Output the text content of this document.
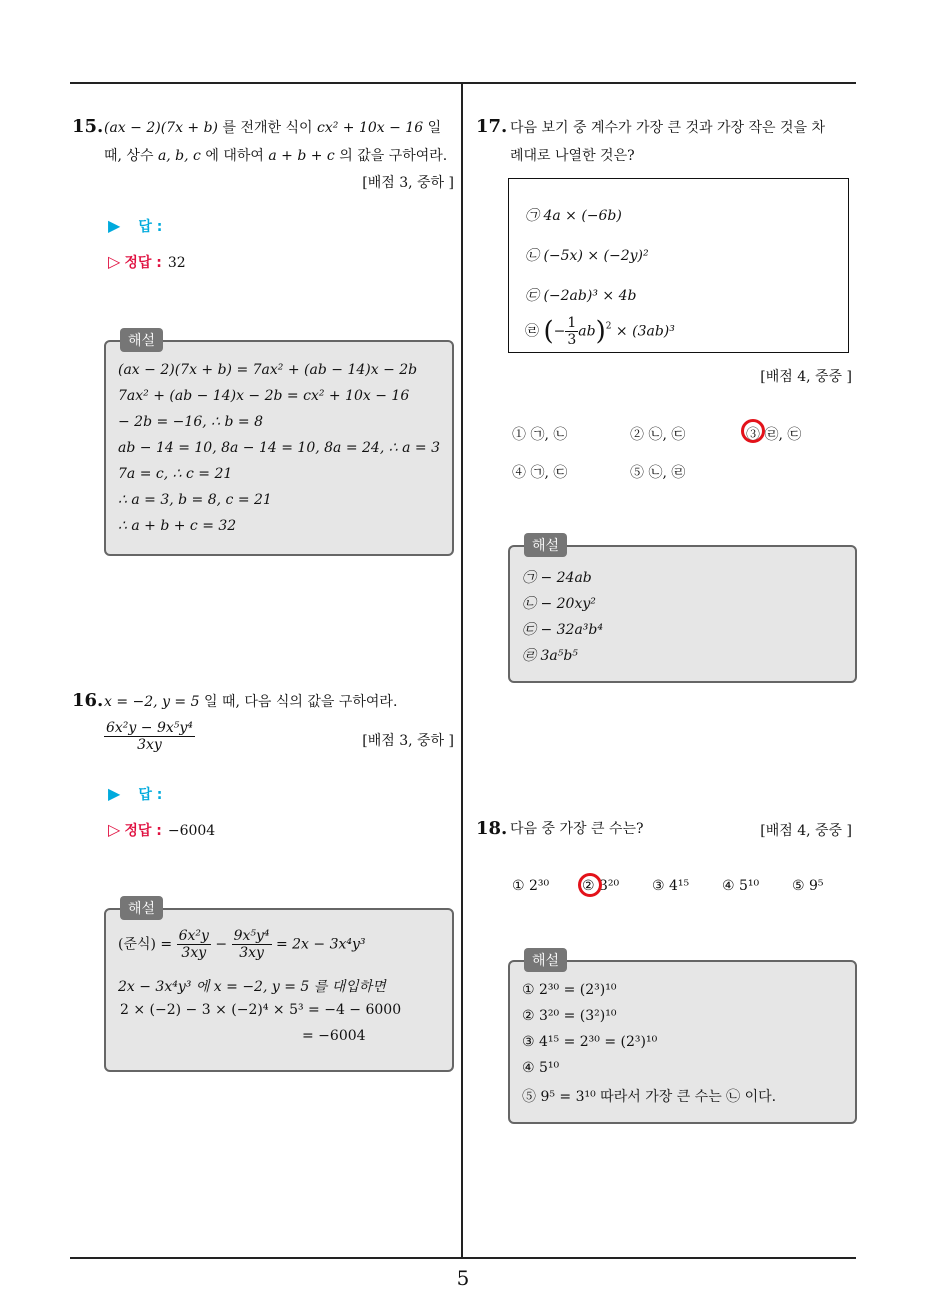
5
15. (ax − 2)(7x + b) 를 전개한 식이 cx² + 10x − 16 일
때, 상수 a, b, c 에 대하여 a + b + c 의 값을 구하여라.
[배점 3, 중하 ]
▶ 답 :
▷ 정답 : 32
해설
(ax − 2)(7x + b) = 7ax² + (ab − 14)x − 2b
7ax² + (ab − 14)x − 2b = cx² + 10x − 16
− 2b = −16, ∴ b = 8
ab − 14 = 10, 8a − 14 = 10, 8a = 24, ∴ a = 3
7a = c, ∴ c = 21
∴ a = 3, b = 8, c = 21
∴ a + b + c = 32
16. x = −2, y = 5 일 때, 다음 식의 값을 구하여라.
$\frac{\text{6x²y − 9x⁵y⁴}}{3xy}$	[배점 3, 중하 ]
▶ 답 :
▷ 정답 : −6004
해설
(준식) = $\frac{\text{6x²y}}{3xy} - \frac{\text{9x⁵y⁴}}{3xy} = 2x - 3x^4y^3$
2x − 3x⁴y³ 에 x = −2, y = 5 를 대입하면
2 × (−2) − 3 × (−2)⁴ × 5³ = −4 − 6000
= −6004
17. 다음 보기 중 계수가 가장 큰 것과 가장 작은 것을 차
례대로 나열한 것은?
㉠ 4a × (−6b)
㉡ (−5x) × (−2y)²
㉢ (−2ab)³ × 4b
㉣ (− $\frac{1}{3} ab)^2 \times (3ab)^3$
[배점 4, 중중 ]
① ㉠, ㉡	② ㉡, ㉢	③ ㉣, ㉢
④ ㉠, ㉢	⑤ ㉡, ㉣
해설
㉠ − 24ab
㉡ − 20xy²
㉢ − 32a³b⁴
㉣ 3a⁵b⁵
18. 다음 중 가장 큰 수는?	[배점 4, 중중 ]
① 2³⁰ ② 3²⁰ ③ 4¹⁵ ④ 5¹⁰ ⑤ 9⁵
해설
① 2³⁰ = (2³)¹⁰
② 3²⁰ = (3²)¹⁰
③ 4¹⁵ = 2³⁰ = (2³)¹⁰
④ 5¹⁰
⑤ 9⁵ = 3¹⁰ 따라서 가장 큰 수는 ㉡ 이다.
